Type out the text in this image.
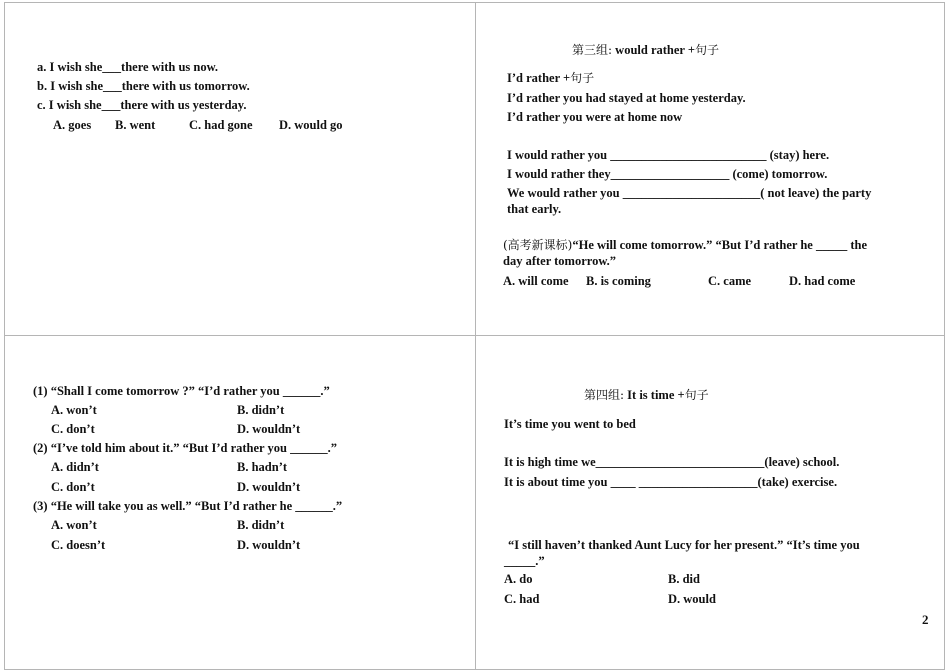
a. I wish she___there with us now.
b. I wish she___there with us tomorrow.
c. I wish she___there with us yesterday.
A. goes B. went	C. had gone D. would go
第三组: would rather +句子
I’d rather +句子
I’d rather you had stayed at home yesterday.
I’d rather you were at home now
I would rather you _________________________ (stay) here.
I would rather they___________________ (come) tomorrow.
We would rather you ______________________( not leave) the party
that early.
(高考新课标)“He will come tomorrow.” “But I’d rather he _____ the
day after tomorrow.”
A. will come B. is coming	C. came	D. had come
(1) “Shall I come tomorrow ?” “I’d rather you ______.”
A. won’t	B. didn’t
C. don’t	D. wouldn’t
(2) “I’ve told him about it.” “But I’d rather you ______.”
A. didn’t	B. hadn’t
C. don’t	D. wouldn’t
(3) “He will take you as well.” “But I’d rather he ______.”
A. won’t	B. didn’t
C. doesn’t	D. wouldn’t
第四组: It is time +句子
It’s time you went to bed
It is high time we___________________________(leave) school.
It is about time you ____ ___________________(take) exercise.
“I still haven’t thanked Aunt Lucy for her present.” “It’s time you
_____.”
A. do	B. did
C. had	D. would
2
